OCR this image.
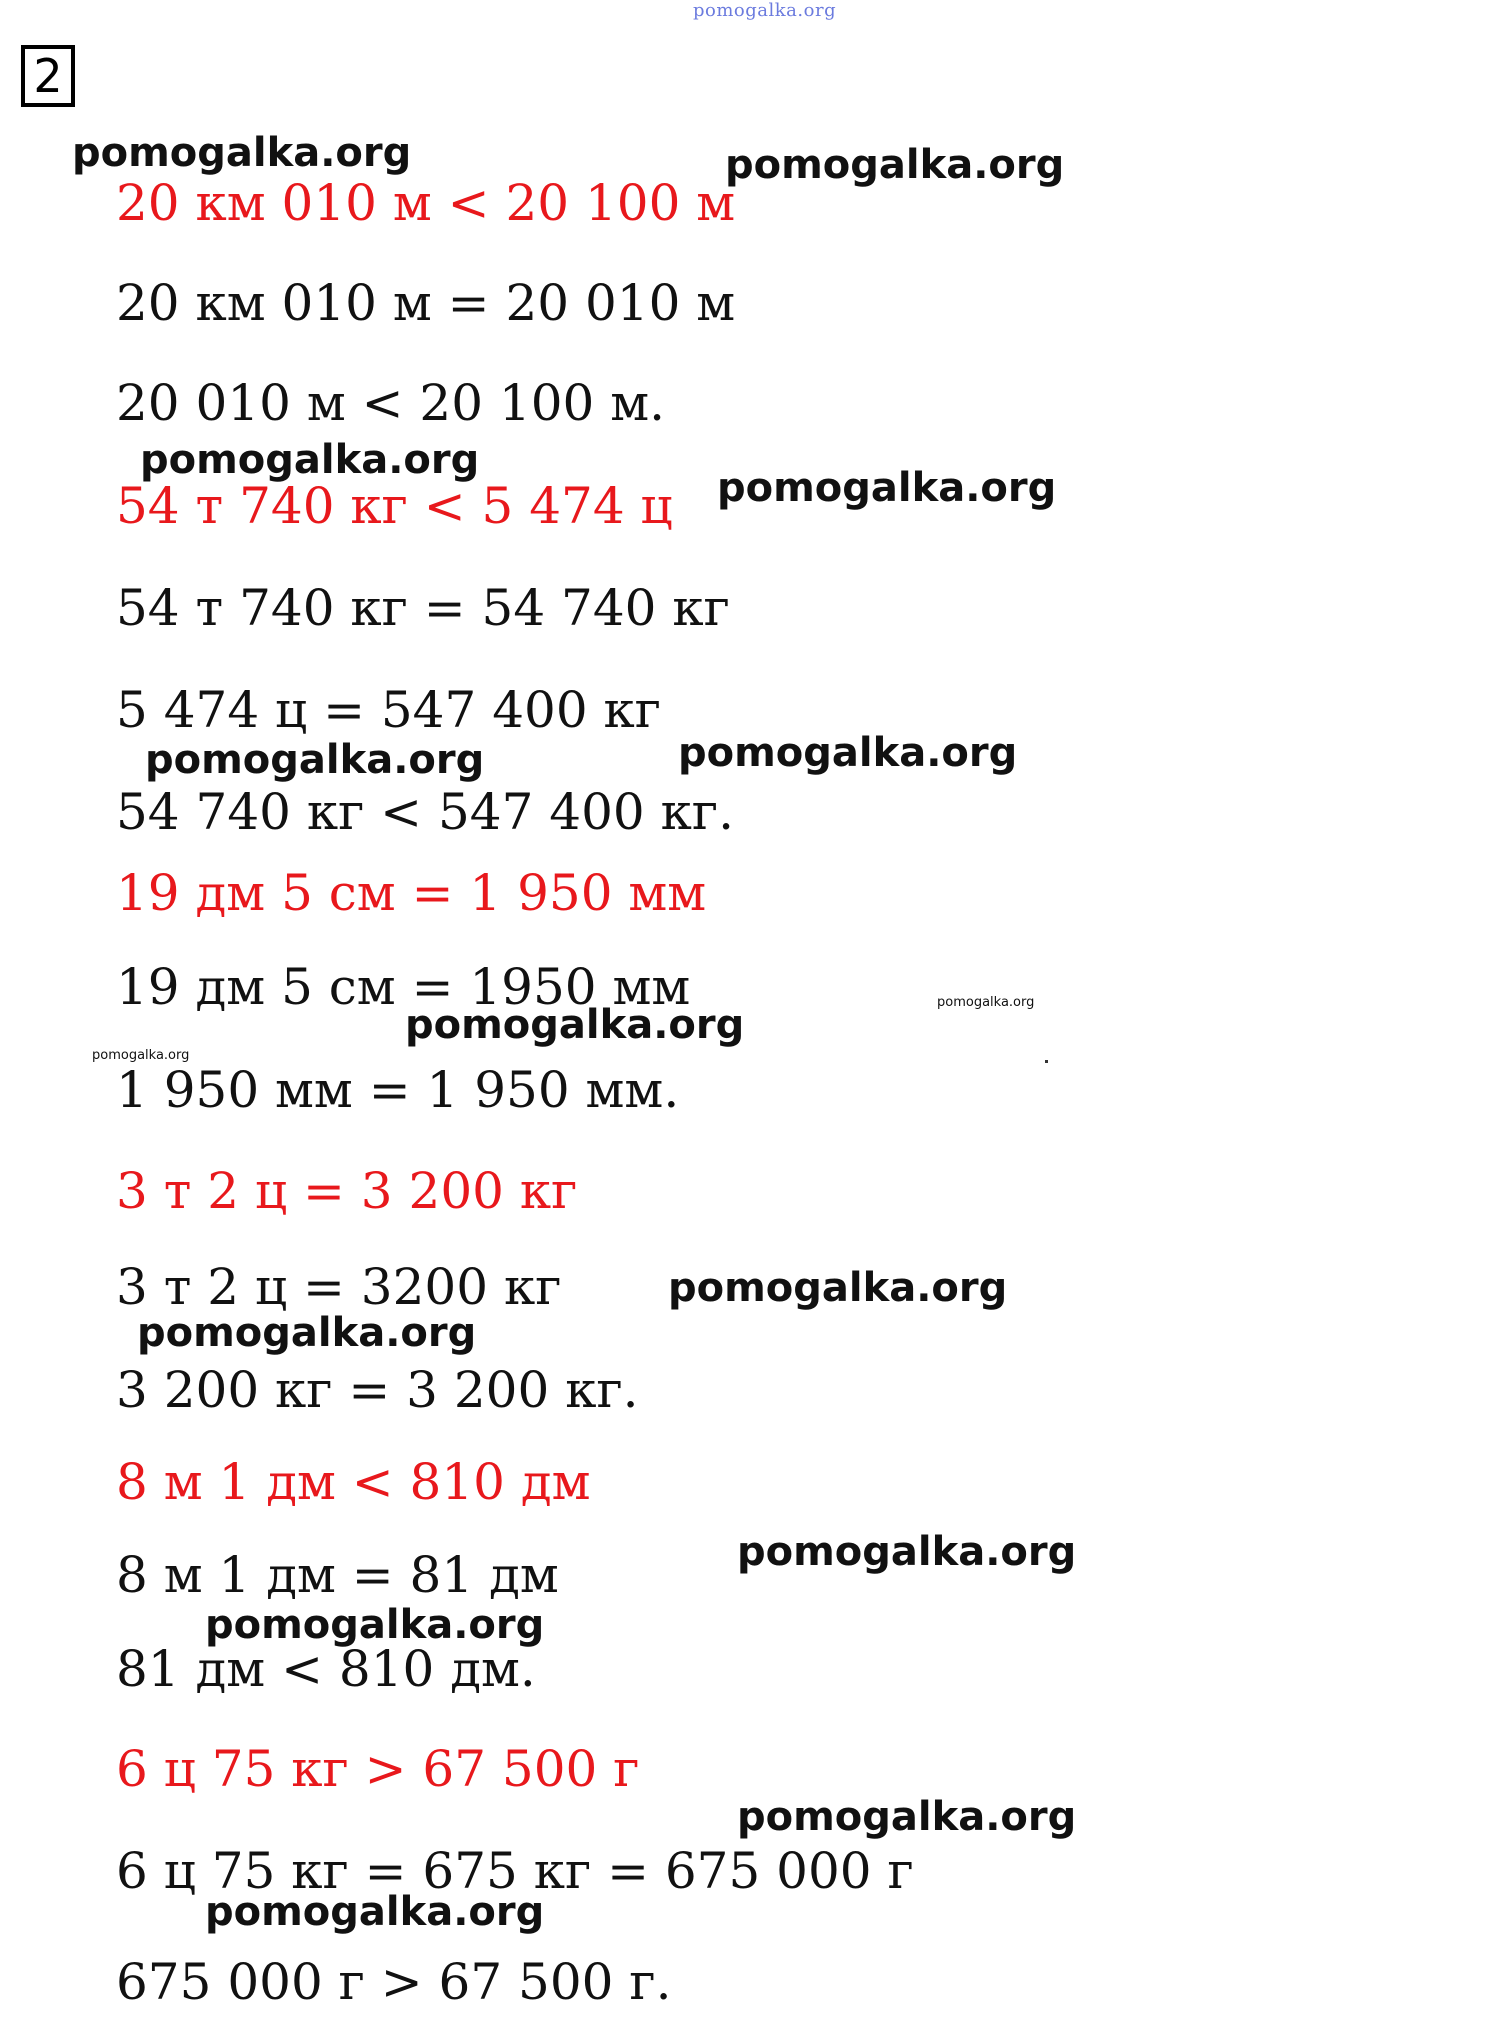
pomogalka.org
2
20 км 010 м < 20 100 м
20 км 010 м = 20 010 м
20 010 м < 20 100 м.
54 т 740 кг < 5 474 ц
54 т 740 кг = 54 740 кг
5 474 ц = 547 400 кг
54 740 кг < 547 400 кг.
19 дм 5 см = 1 950 мм
19 дм 5 см = 1950 мм
1 950 мм = 1 950 мм.
3 т 2 ц = 3 200 кг
3 т 2 ц = 3200 кг
3 200 кг = 3 200 кг.
8 м 1 дм < 810 дм
8 м 1 дм = 81 дм
81 дм < 810 дм.
6 ц 75 кг > 67 500 г
6 ц 75 кг = 675 кг = 675 000 г
675 000 г > 67 500 г.
pomogalka.org	pomogalka.org
pomogalka.org
pomogalka.org
pomogalka.org	pomogalka.org
pomogalka.org	pomogalka.org
pomogalka.org
pomogalka.org
pomogalka.org
pomogalka.org
pomogalka.org
pomogalka.org
pomogalka.org
